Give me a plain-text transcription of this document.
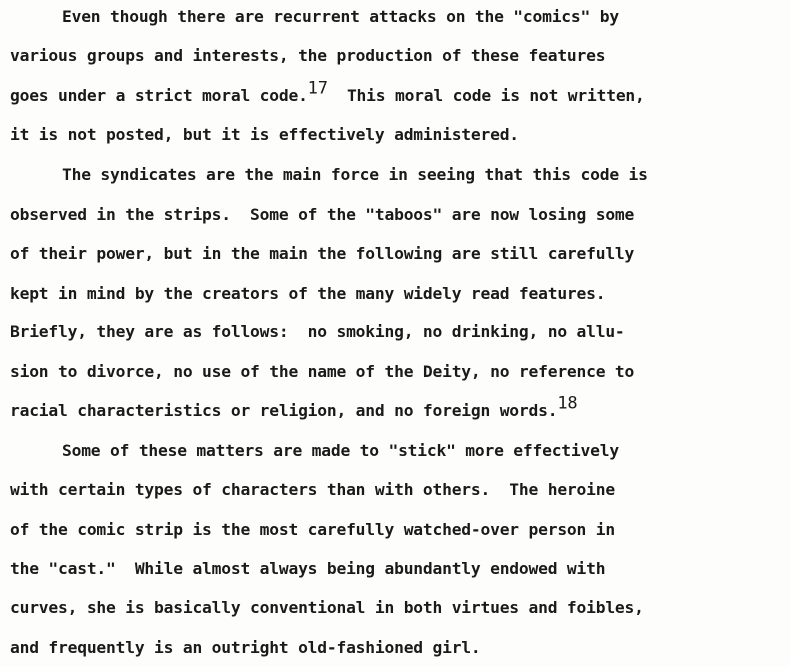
Even though there are recurrent attacks on the "comics" by
various groups and interests, the production of these features
goes under a strict moral code.$^{17}$  This moral code is not written,
it is not posted, but it is effectively administered.
The syndicates are the main force in seeing that this code is
observed in the strips.  Some of the "taboos" are now losing some
of their power, but in the main the following are still carefully
kept in mind by the creators of the many widely read features.
Briefly, they are as follows:  no smoking, no drinking, no allu-
sion to divorce, no use of the name of the Deity, no reference to
racial characteristics or religion, and no foreign words.$^{18}$
Some of these matters are made to "stick" more effectively
with certain types of characters than with others.  The heroine
of the comic strip is the most carefully watched-over person in
the "cast."  While almost always being abundantly endowed with
curves, she is basically conventional in both virtues and foibles,
and frequently is an outright old-fashioned girl.
